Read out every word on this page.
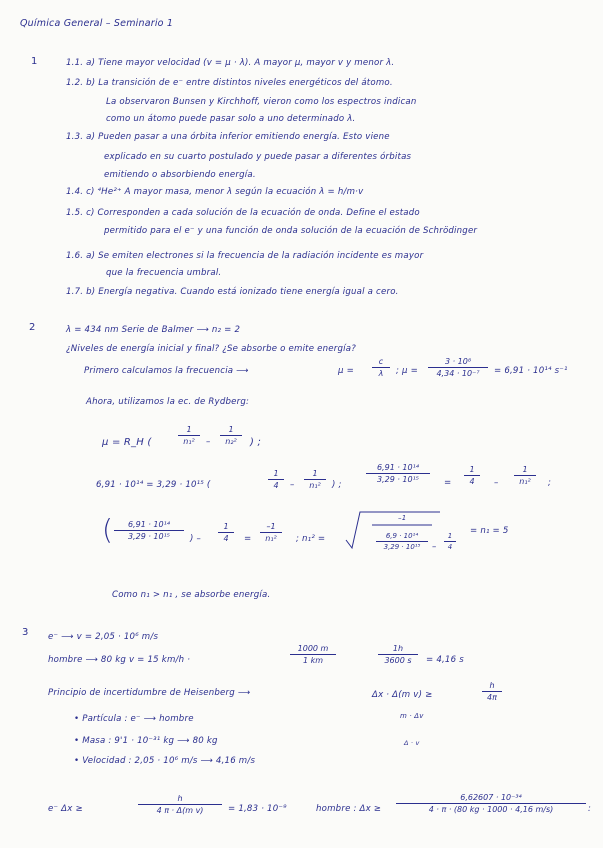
Química General – Seminario 1
1	1.1. a) Tiene mayor velocidad (v = μ · λ). A mayor μ, mayor v y menor λ.
1.2. b) La transición de e⁻ entre distintos niveles energéticos del átomo.
La observaron Bunsen y Kirchhoff, vieron como los espectros indican
como un átomo puede pasar solo a uno determinado λ.
1.3. a) Pueden pasar a una órbita inferior emitiendo energía. Esto viene
explicado en su cuarto postulado y puede pasar a diferentes órbitas
emitiendo o absorbiendo energía.
1.4. c) ⁴He²⁺ A mayor masa, menor λ según la ecuación λ = h/m·v
1.5. c) Corresponden a cada solución de la ecuación de onda. Define el estado
permitido para el e⁻ y una función de onda solución de la ecuación de Schrödinger
1.6. a) Se emiten electrones si la frecuencia de la radiación incidente es mayor
que la frecuencia umbral.
1.7. b) Energía negativa. Cuando está ionizado tiene energía igual a cero.
2	λ = 434 nm Serie de Balmer ⟶ n₂ = 2
¿Niveles de energía inicial y final? ¿Se absorbe o emite energía?
Primero calculamos la frecuencia ⟶	$\mu = \frac{c}{\lambda}$ ; $\mu = \frac{\text{3 · 10⁸}}{\text{4,34 · 10⁻⁷}} = 6,91 \cdot 10^{14}$ s⁻¹
Ahora, utilizamos la ec. de Rydberg:
μ = R_H (	$\frac{1}{\text{n₁²}} - \frac{1}{\text{n₂²}}$ ) ;
6,91 · 10¹⁴ = 3,29 · 10¹⁵ (	$\frac{1}{4} - \frac{1}{\text{n₁²}}$ ) ;
$\frac{\text{6,91 · 10¹⁴}}{\text{3,29 · 10¹⁵}} = \frac{1}{4} - \frac{1}{\text{n₁²}}$ ;
( $\frac{\text{6,91 · 10¹⁴}}{\text{3,29 · 10¹⁵}}$ ) – $\frac{1}{4} = \frac{-1}{\text{n₁²}}$ ; n₁² =
–1
$\frac{\text{6,9 · 10¹⁴}}{\text{3,29 · 10¹⁵}} - \frac{1}{4}$
= n₁ = 5
Como n₁ > n₁ , se absorbe energía.
3 e⁻ ⟶ v = 2,05 · 10⁶ m/s
hombre ⟶ 80 kg v = 15 km/h ·	$\frac{1000 m}{1 km}$	$\frac{1h}{3600 s} = 4,16$ s
Principio de incertidumbre de Heisenberg ⟶	Δx · Δ(m v) ≥	$\frac{h}{4\pi}$
m · Δv
Δ · v
• Partícula : e⁻ ⟶ hombre
• Masa : 9'1 · 10⁻³¹ kg ⟶ 80 kg
• Velocidad : 2,05 · 10⁶ m/s ⟶ 4,16 m/s
e⁻ Δx ≥	$\frac{h}{\text{4 π · Δ(m v)}} = 1,83 \cdot 10^{-9}$	hombre : $\Delta x \ge \frac{\text{6,62607 · 10⁻³⁴}}{4 \cdot \pi \cdot (80 kg \cdot 1000 \cdot 4,16 m/s)}$ :
